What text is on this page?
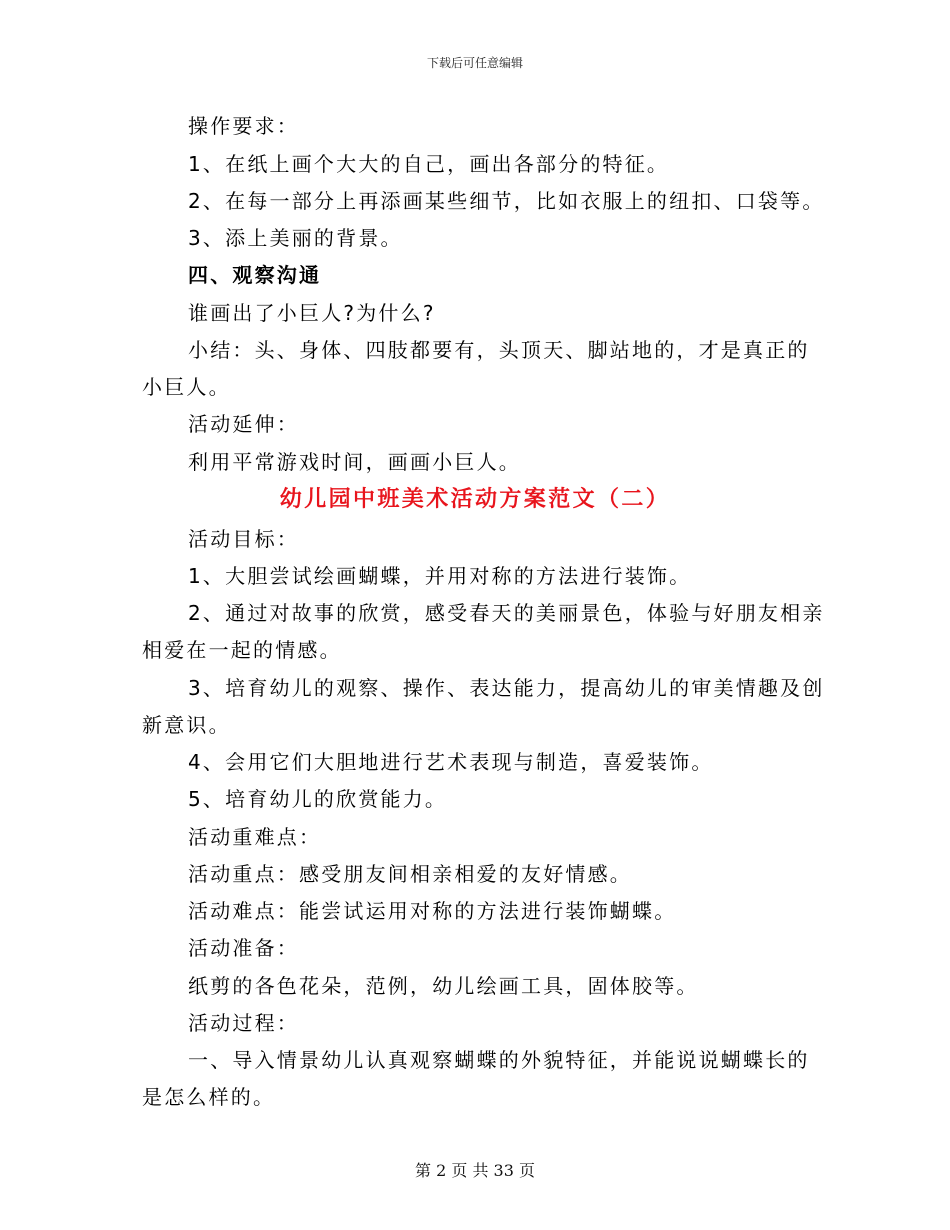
下载后可任意编辑
操作要求：
1、在纸上画个大大的自己，画出各部分的特征。
2、在每一部分上再添画某些细节，比如衣服上的纽扣、口袋等。
3、添上美丽的背景。
四、观察沟通
谁画出了小巨人?为什么?
小结：头、身体、四肢都要有，头顶天、脚站地的，才是真正的
小巨人。
活动延伸：
利用平常游戏时间，画画小巨人。
幼儿园中班美术活动方案范文（二）
活动目标：
1、大胆尝试绘画蝴蝶，并用对称的方法进行装饰。
2、通过对故事的欣赏，感受春天的美丽景色，体验与好朋友相亲
相爱在一起的情感。
3、培育幼儿的观察、操作、表达能力，提高幼儿的审美情趣及创
新意识。
4、会用它们大胆地进行艺术表现与制造，喜爱装饰。
5、培育幼儿的欣赏能力。
活动重难点：
活动重点：感受朋友间相亲相爱的友好情感。
活动难点：能尝试运用对称的方法进行装饰蝴蝶。
活动准备：
纸剪的各色花朵，范例，幼儿绘画工具，固体胶等。
活动过程：
一、导入情景幼儿认真观察蝴蝶的外貌特征，并能说说蝴蝶长的
是怎么样的。
第 2 页 共 33 页
